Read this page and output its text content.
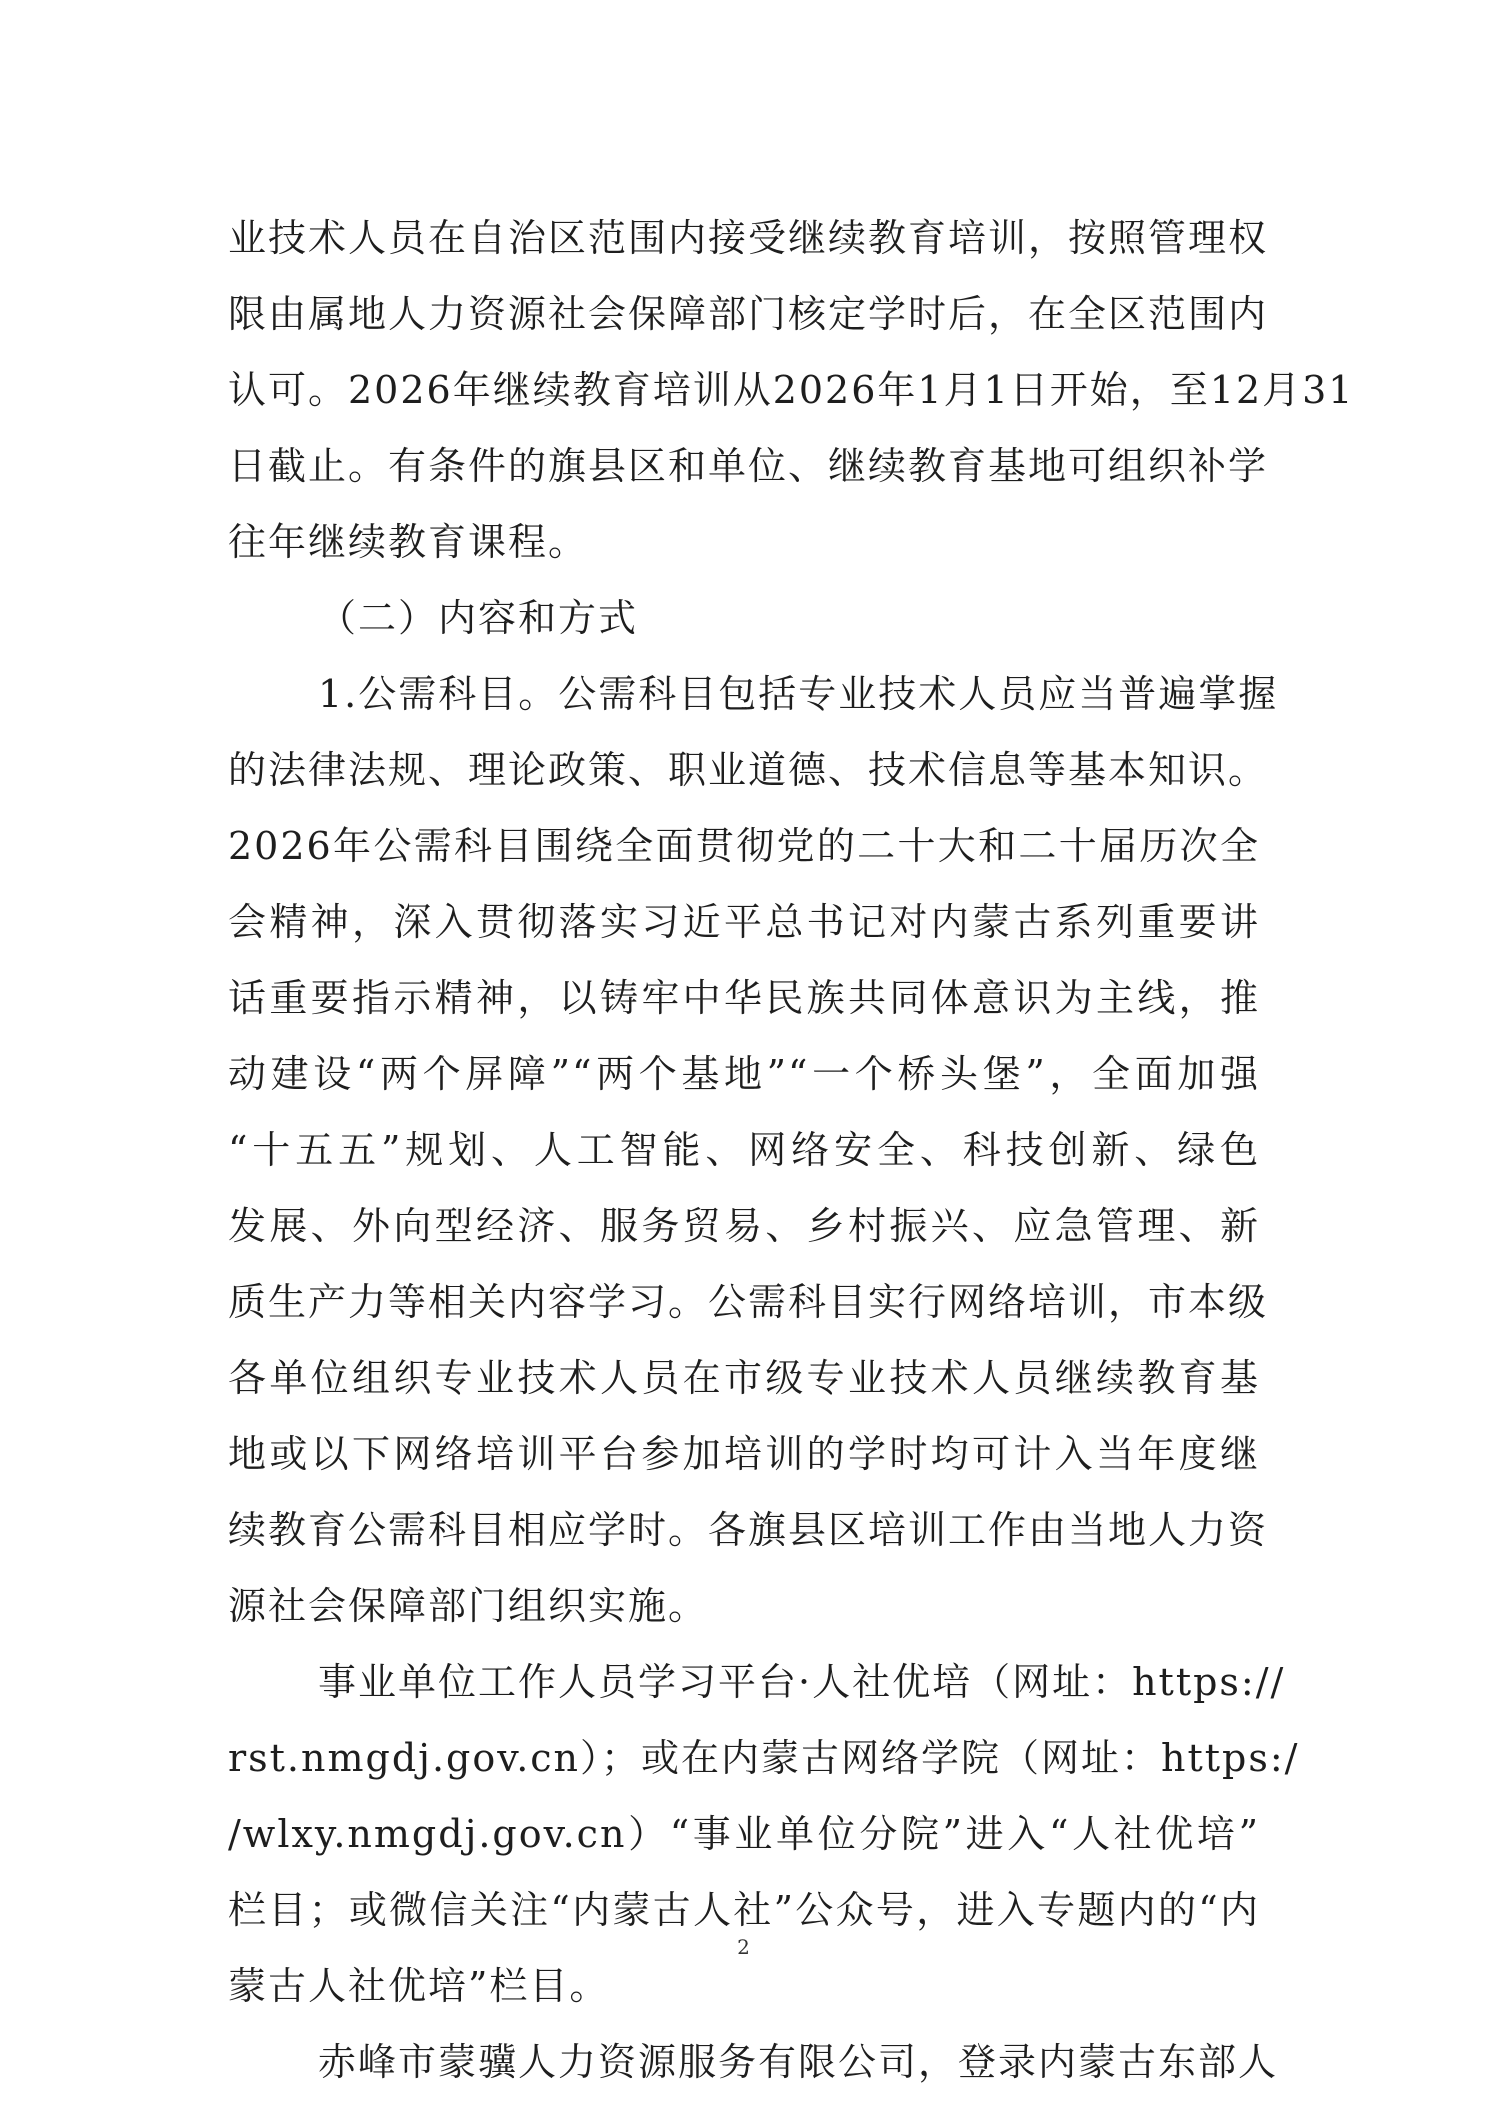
业技术人员在自治区范围内接受继续教育培训，按照管理权
限由属地人力资源社会保障部门核定学时后，在全区范围内
认可。2026年继续教育培训从2026年1月1日开始，至12月31
日截止。有条件的旗县区和单位、继续教育基地可组织补学
往年继续教育课程。
（二）内容和方式
1.公需科目。公需科目包括专业技术人员应当普遍掌握
的法律法规、理论政策、职业道德、技术信息等基本知识。
2026年公需科目围绕全面贯彻党的二十大和二十届历次全
会精神，深入贯彻落实习近平总书记对内蒙古系列重要讲
话重要指示精神，以铸牢中华民族共同体意识为主线，推
动建设“两个屏障”“两个基地”“一个桥头堡”，全面加强
“十五五”规划、人工智能、网络安全、科技创新、绿色
发展、外向型经济、服务贸易、乡村振兴、应急管理、新
质生产力等相关内容学习。公需科目实行网络培训，市本级
各单位组织专业技术人员在市级专业技术人员继续教育基
地或以下网络培训平台参加培训的学时均可计入当年度继
续教育公需科目相应学时。各旗县区培训工作由当地人力资
源社会保障部门组织实施。
事业单位工作人员学习平台·人社优培（网址：https://
rst.nmgdj.gov.cn）；或在内蒙古网络学院（网址：https:/
/wlxy.nmgdj.gov.cn）“事业单位分院”进入“人社优培”
栏目；或微信关注“内蒙古人社”公众号，进入专题内的“内
蒙古人社优培”栏目。
赤峰市蒙骥人力资源服务有限公司，登录内蒙古东部人
2
